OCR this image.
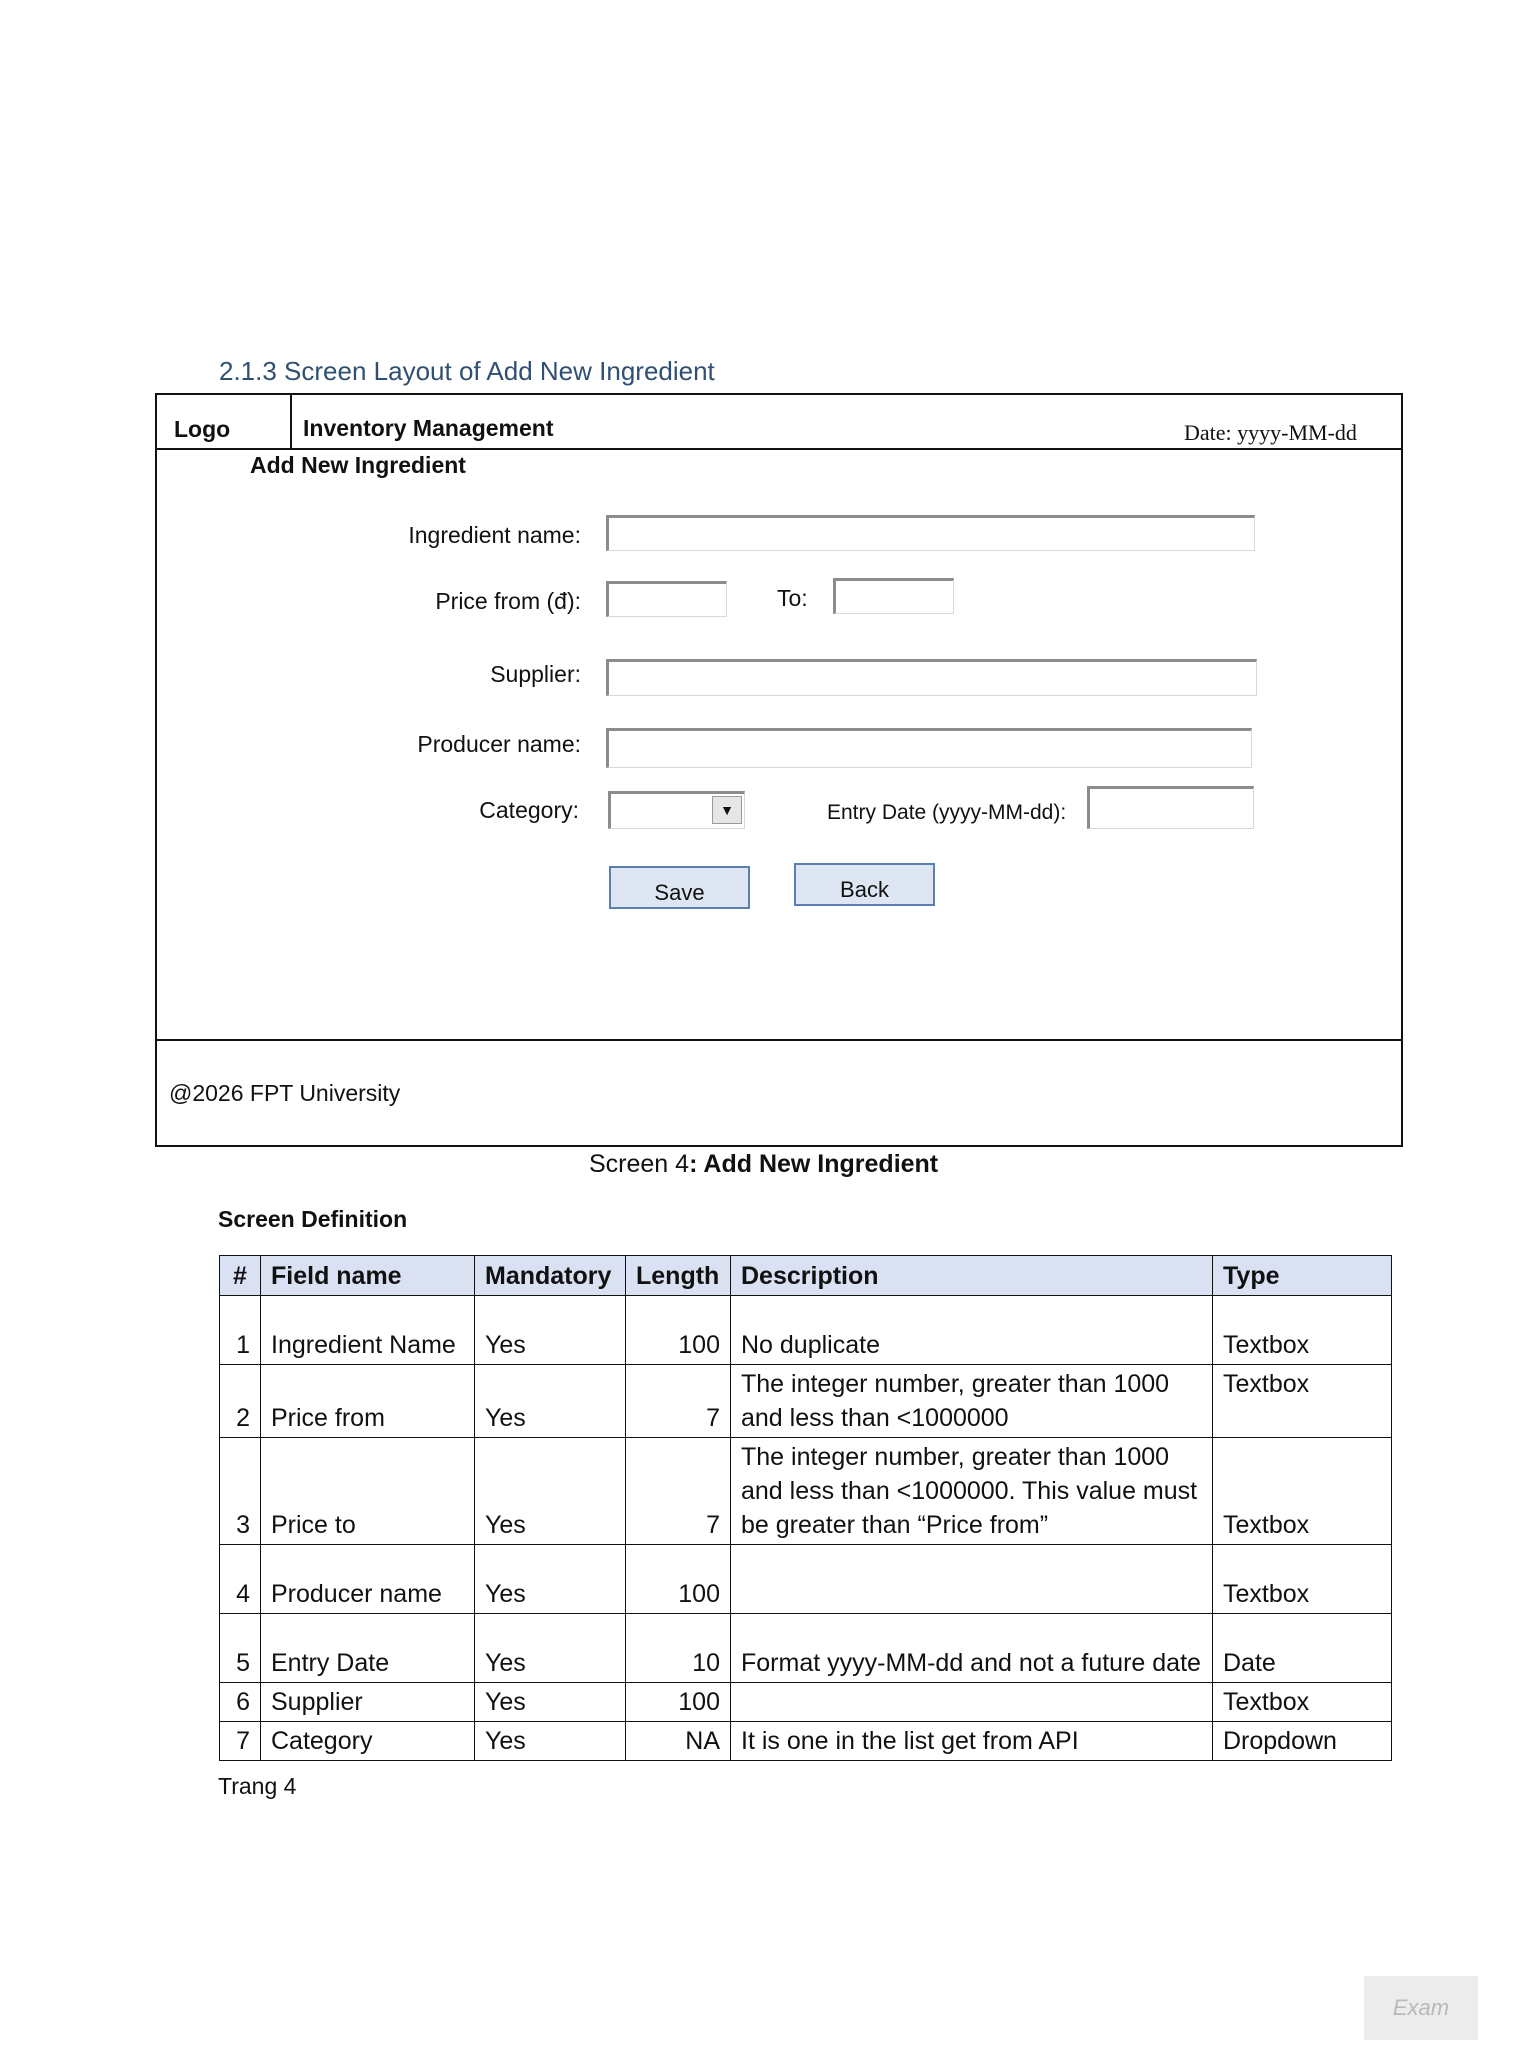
2.1.3 Screen Layout of Add New Ingredient
Logo	Inventory Management	Date: yyyy-MM-dd
Add New Ingredient
Ingredient name:
Price from (đ):	To:
Supplier:
Producer name:
Category:	▼	Entry Date (yyyy-MM-dd):
Save	Back
@2026 FPT University
Screen 4: Add New Ingredient
Screen Definition
#	Field name	Mandatory	Length	Description	Type
1	Ingredient Name	Yes	100	No duplicate	Textbox
2	Price from	Yes	7	The integer number, greater than 1000 and less than <1000000	Textbox
3	Price to	Yes	7	The integer number, greater than 1000 and less than <1000000. This value must be greater than “Price from”	Textbox
4	Producer name	Yes	100		Textbox
5	Entry Date	Yes	10	Format yyyy-MM-dd and not a future date	Date
6	Supplier	Yes	100		Textbox
7	Category	Yes	NA	It is one in the list get from API	Dropdown
Trang 4
Exam
